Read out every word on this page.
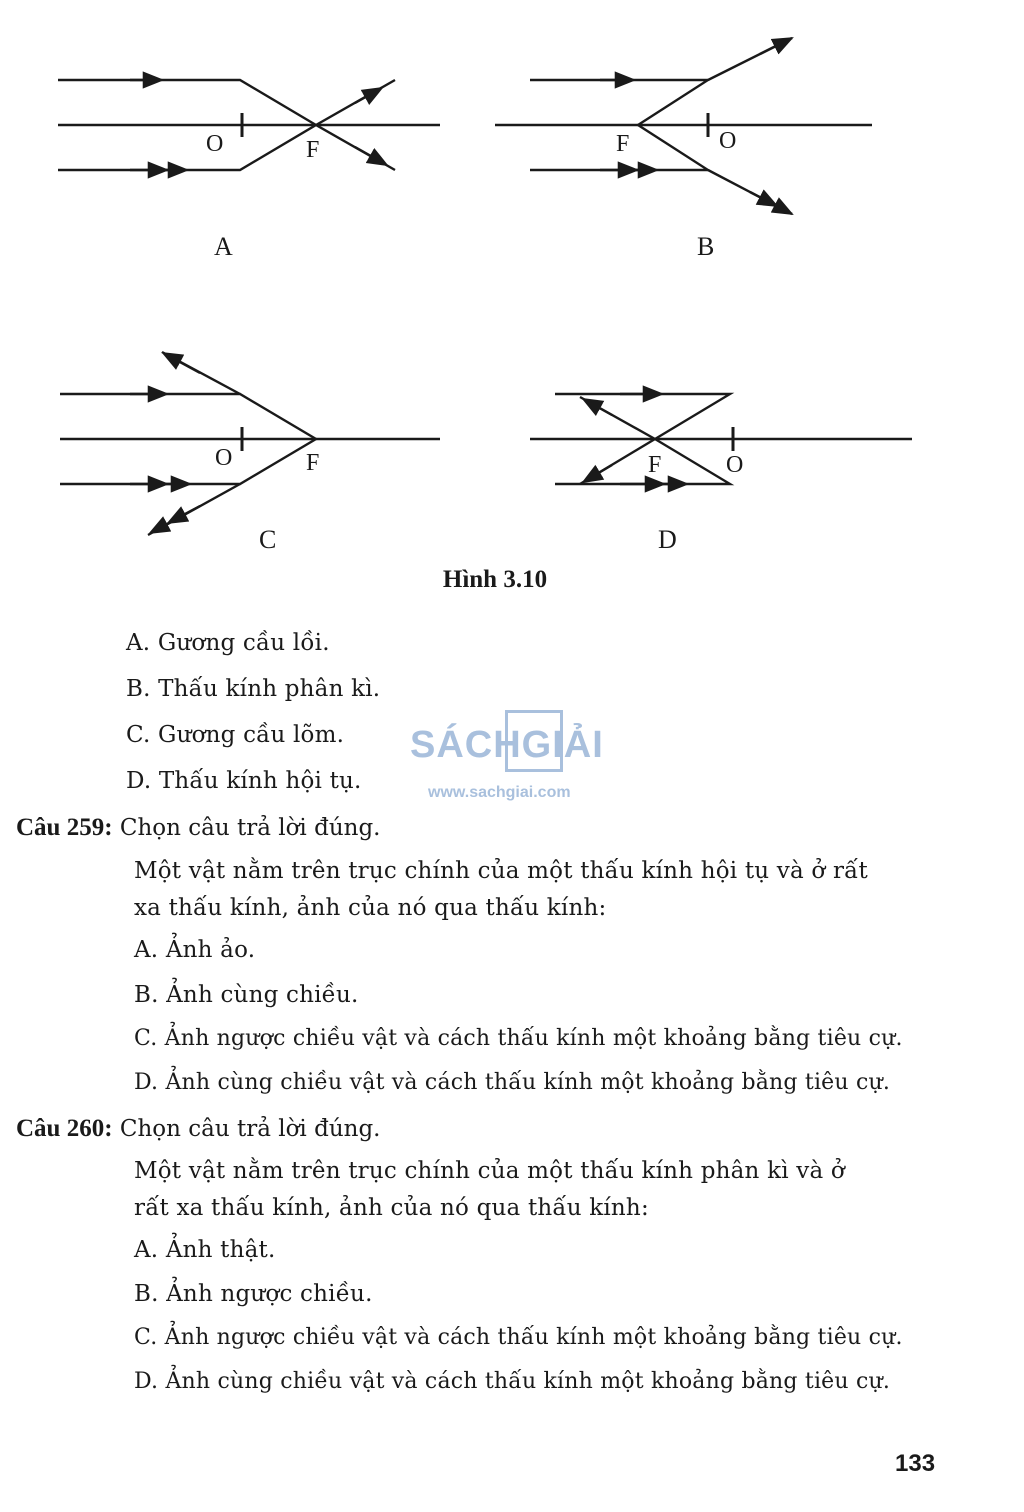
O	F	F	O
O	F	F	O
A	B
C	D
Hình 3.10
A. Gương cầu lồi.
B. Thấu kính phân kì.
C. Gương cầu lõm.
D. Thấu kính hội tụ.
SÁCHGIẢI
www.sachgiai.com
Câu 259: Chọn câu trả lời đúng.
Một vật nằm trên trục chính của một thấu kính hội tụ và ở rất
xa thấu kính, ảnh của nó qua thấu kính:
A. Ảnh ảo.
B. Ảnh cùng chiều.
C. Ảnh ngược chiều vật và cách thấu kính một khoảng bằng tiêu cự.
D. Ảnh cùng chiều vật và cách thấu kính một khoảng bằng tiêu cự.
Câu 260: Chọn câu trả lời đúng.
Một vật nằm trên trục chính của một thấu kính phân kì và ở
rất xa thấu kính, ảnh của nó qua thấu kính:
A. Ảnh thật.
B. Ảnh ngược chiều.
C. Ảnh ngược chiều vật và cách thấu kính một khoảng bằng tiêu cự.
D. Ảnh cùng chiều vật và cách thấu kính một khoảng bằng tiêu cự.
133
